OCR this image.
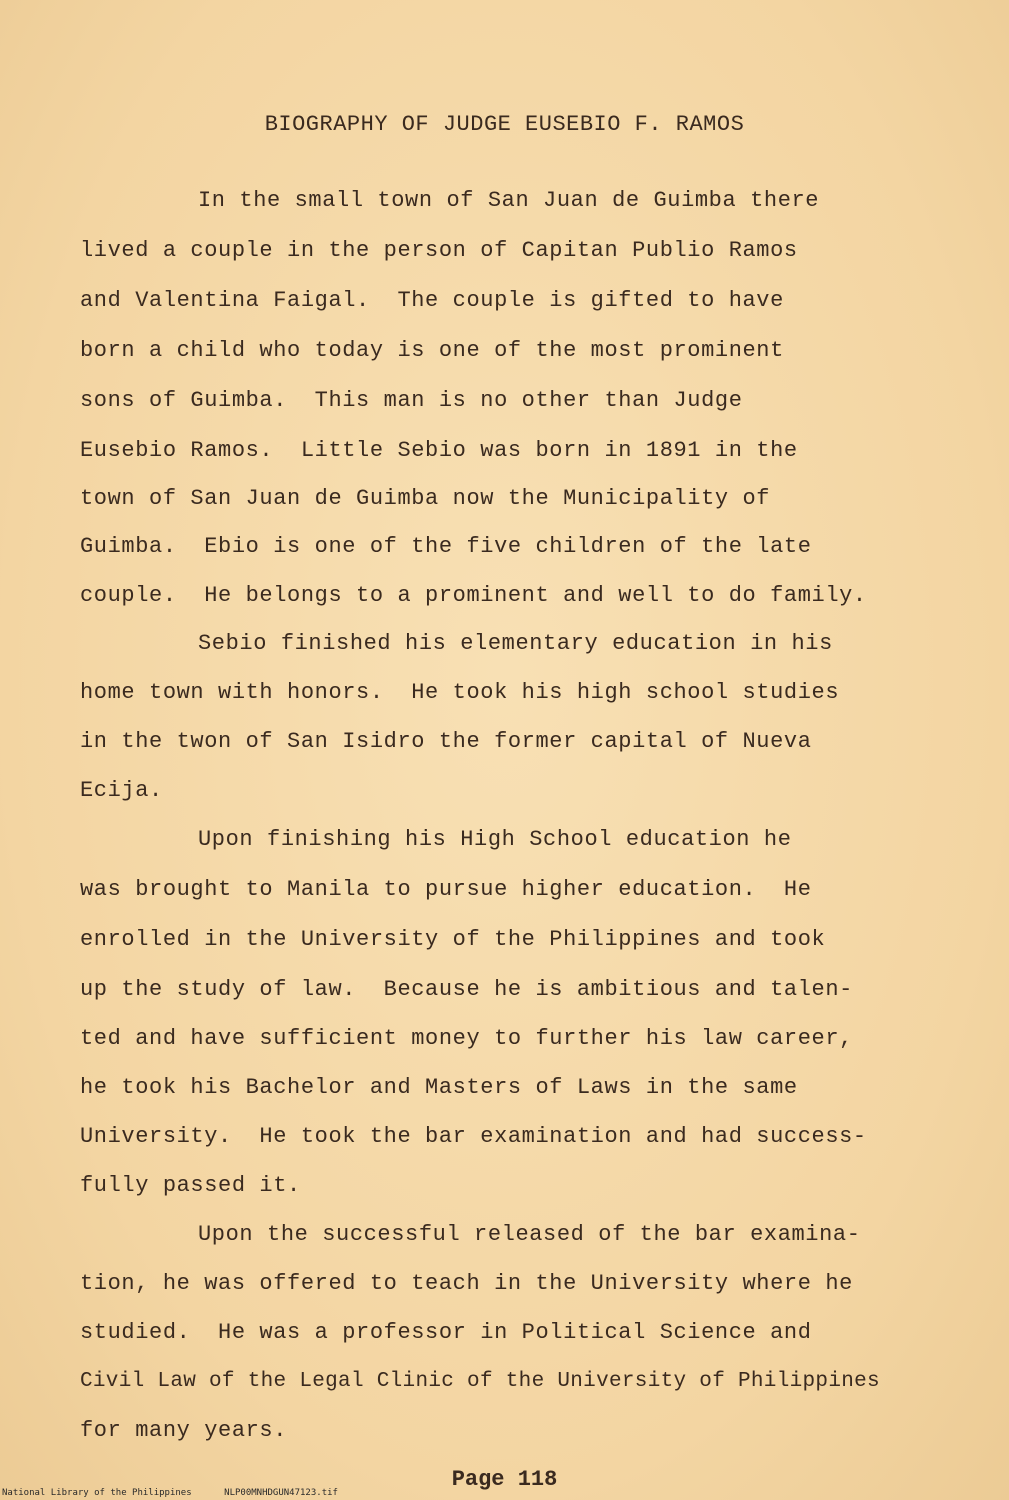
BIOGRAPHY OF JUDGE EUSEBIO F. RAMOS
In the small town of San Juan de Guimba there
lived a couple in the person of Capitan Publio Ramos
and Valentina Faigal.  The couple is gifted to have
born a child who today is one of the most prominent
sons of Guimba.  This man is no other than Judge
Eusebio Ramos.  Little Sebio was born in 1891 in the
town of San Juan de Guimba now the Municipality of
Guimba.  Ebio is one of the five children of the late
couple.  He belongs to a prominent and well to do family.
Sebio finished his elementary education in his
home town with honors.  He took his high school studies
in the twon of San Isidro the former capital of Nueva
Ecija.
Upon finishing his High School education he
was brought to Manila to pursue higher education.  He
enrolled in the University of the Philippines and took
up the study of law.  Because he is ambitious and talen-
ted and have sufficient money to further his law career,
he took his Bachelor and Masters of Laws in the same
University.  He took the bar examination and had success-
fully passed it.
Upon the successful released of the bar examina-
tion, he was offered to teach in the University where he
studied.  He was a professor in Political Science and
Civil Law of the Legal Clinic of the University of Philippines
for many years.
Page 118
National Library of the Philippines      NLP00MNHDGUN47123.tif
